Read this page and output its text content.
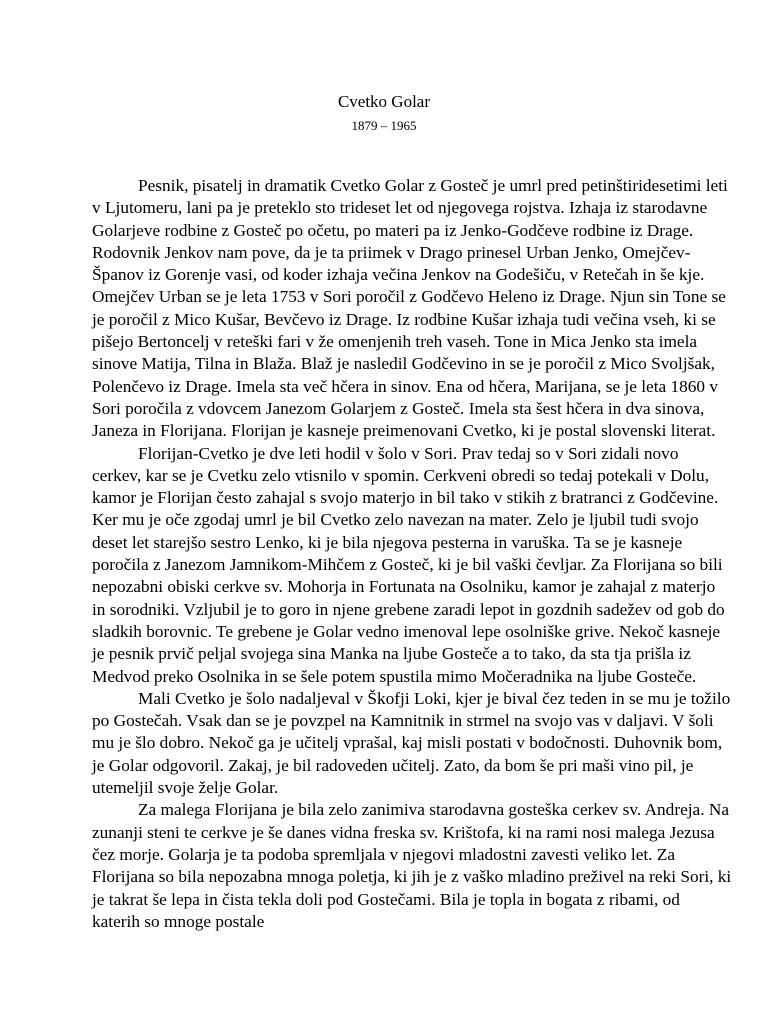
Cvetko Golar

1879 – 1965

Pesnik, pisatelj in dramatik Cvetko Golar z Gosteč je umrl pred petinštiridesetimi leti v Ljutomeru, lani pa je preteklo sto trideset let od njegovega rojstva. Izhaja iz starodavne Golarjeve rodbine z Gosteč po očetu, po materi pa iz Jenko-Godčeve rodbine iz Drage. Rodovnik Jenkov nam pove, da je ta priimek v Drago prinesel Urban Jenko, Omejčev-Španov iz Gorenje vasi, od koder izhaja večina Jenkov na Godešiču, v Retečah in še kje. Omejčev Urban se je leta 1753 v Sori poročil z Godčevo Heleno iz Drage. Njun sin Tone se je poročil z Mico Kušar, Bevčevo iz Drage. Iz rodbine Kušar izhaja tudi večina vseh, ki se pišejo Bertoncelj v reteški fari v že omenjenih treh vaseh. Tone in Mica Jenko sta imela sinove Matija, Tilna in Blaža. Blaž je nasledil Godčevino in se je poročil z Mico Svoljšak, Polenčevo iz Drage. Imela sta več hčera in sinov. Ena od hčera, Marijana, se je leta 1860 v Sori poročila z vdovcem Janezom Golarjem z Gosteč. Imela sta šest hčera in dva sinova, Janeza in Florijana. Florijan je kasneje preimenovani Cvetko, ki je postal slovenski literat.

Florijan-Cvetko je dve leti hodil v šolo v Sori. Prav tedaj so v Sori zidali novo cerkev, kar se je Cvetku zelo vtisnilo v spomin. Cerkveni obredi so tedaj potekali v Dolu, kamor je Florijan često zahajal s svojo materjo in bil tako v stikih z bratranci z Godčevine. Ker mu je oče zgodaj umrl je bil Cvetko zelo navezan na mater. Zelo je ljubil tudi svojo deset let starejšo sestro Lenko, ki je bila njegova pesterna in varuška. Ta se je kasneje poročila z Janezom Jamnikom-Mihčem z Gosteč, ki je bil vaški čevljar. Za Florijana so bili nepozabni obiski cerkve sv. Mohorja in Fortunata na Osolniku, kamor je zahajal z materjo in sorodniki. Vzljubil je to goro in njene grebene zaradi lepot in gozdnih sadežev od gob do sladkih borovnic. Te grebene je Golar vedno imenoval lepe osolniške grive. Nekoč kasneje je pesnik prvič peljal svojega sina Manka na ljube Gosteče a to tako, da sta tja prišla iz Medvod preko Osolnika in se šele potem spustila mimo Močeradnika na ljube Gosteče.

Mali Cvetko je šolo nadaljeval v Škofji Loki, kjer je bival čez teden in se mu je tožilo po Gostečah. Vsak dan se je povzpel na Kamnitnik in strmel na svojo vas v daljavi. V šoli mu je šlo dobro. Nekoč ga je učitelj vprašal, kaj misli postati v bodočnosti. Duhovnik bom, je Golar odgovoril. Zakaj, je bil radoveden učitelj. Zato, da bom še pri maši vino pil, je utemeljil svoje želje Golar.

Za malega Florijana je bila zelo zanimiva starodavna gosteška cerkev sv. Andreja. Na zunanji steni te cerkve je še danes vidna freska sv. Krištofa, ki na rami nosi malega Jezusa čez morje. Golarja je ta podoba spremljala v njegovi mladostni zavesti veliko let. Za Florijana so bila nepozabna mnoga poletja, ki jih je z vaško mladino preživel na reki Sori, ki je takrat še lepa in čista tekla doli pod Gostečami. Bila je topla in bogata z ribami, od katerih so mnoge postale
